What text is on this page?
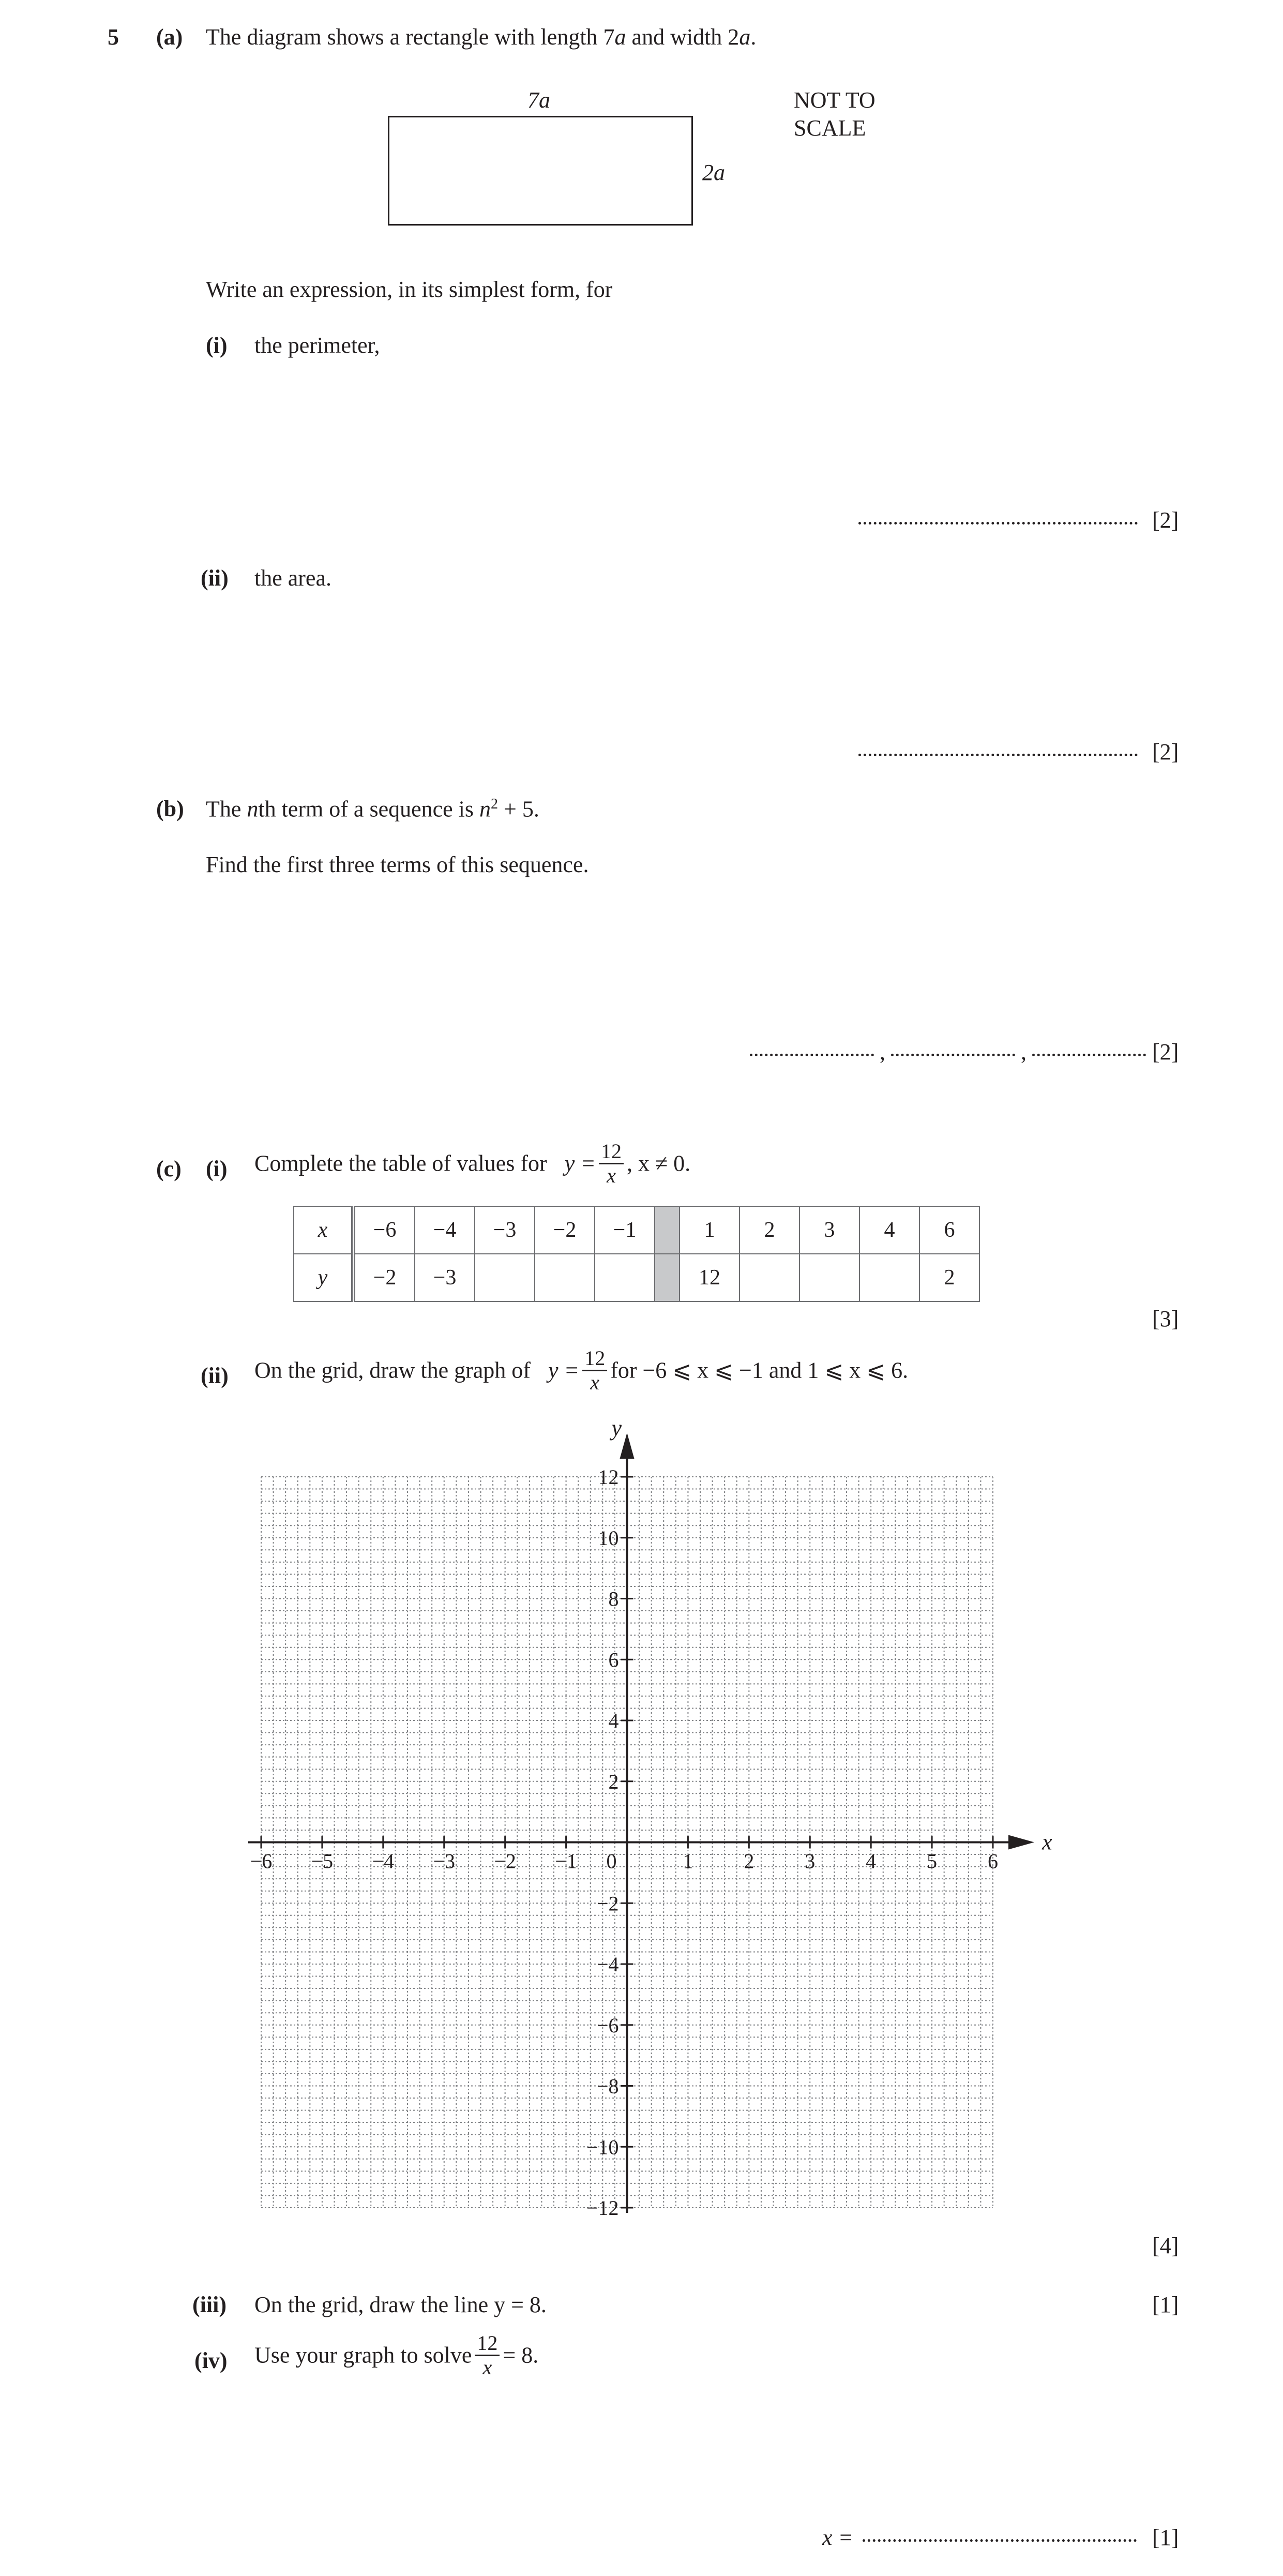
5 (a) The diagram shows a rectangle with length 7a and width 2a.
7a
2a
NOT TO
SCALE
Write an expression, in its simplest form, for
(i) the perimeter,
[2]
(ii) the area.
[2]
(b) The nth term of a sequence is $n^2 + 5$.
Find the first three terms of this sequence.
,	,	[2]
(c) (i) Complete the table of values for $y = \frac{12}{x}$ , x ≠ 0.
x	−6	−4	−3	−2	−1		1	2	3	4	6
y	−2	−3					12				2
[3]
(ii) On the grid, draw the graph of $y = \frac{12}{x}$ for −6 ⩽ x ⩽ −1 and 1 ⩽ x ⩽ 6.
x
y
−6 −5 −4 −3 −2 −1 0	1 2 3 4 5 6
12
10
8
6
4
2
−2
−4
−6
−8
−10
−12
[4]
(iii) On the grid, draw the line y = 8.	[1]
(iv) Use your graph to solve $\frac{12}{x} = 8$.
x =	[1]
